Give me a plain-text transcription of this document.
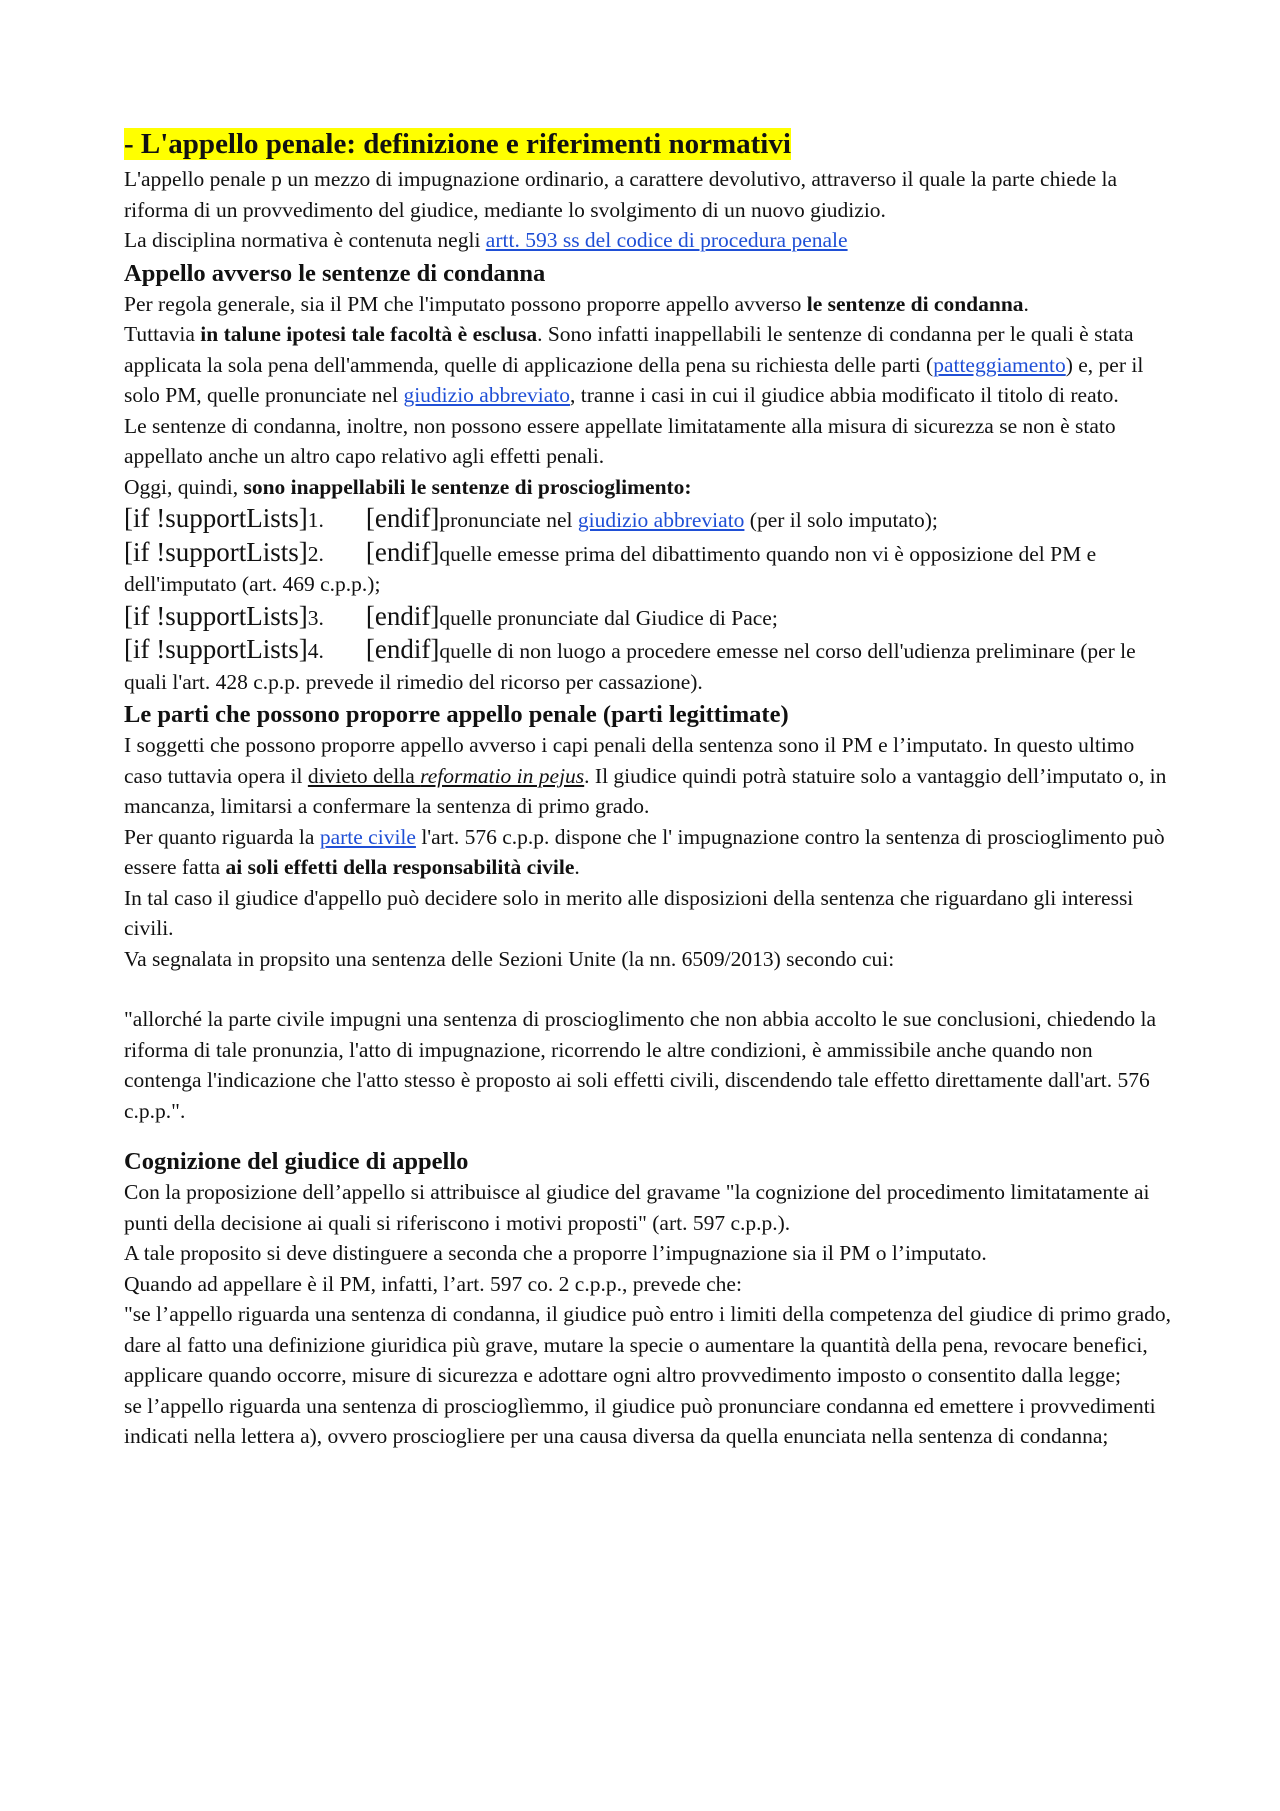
- L'appello penale: definizione e riferimenti normativi

L'appello penale p un mezzo di impugnazione ordinario, a carattere devolutivo, attraverso il quale la parte chiede la riforma di un provvedimento del giudice, mediante lo svolgimento di un nuovo giudizio.

La disciplina normativa è contenuta negli artt. 593 ss del codice di procedura penale

Appello avverso le sentenze di condanna

Per regola generale, sia il PM che l'imputato possono proporre appello avverso le sentenze di condanna.

Tuttavia in talune ipotesi tale facoltà è esclusa. Sono infatti inappellabili le sentenze di condanna per le quali è stata applicata la sola pena dell'ammenda, quelle di applicazione della pena su richiesta delle parti (patteggiamento) e, per il solo PM, quelle pronunciate nel giudizio abbreviato, tranne i casi in cui il giudice abbia modificato il titolo di reato.

Le sentenze di condanna, inoltre, non possono essere appellate limitatamente alla misura di sicurezza se non è stato appellato anche un altro capo relativo agli effetti penali.

Oggi, quindi, sono inappellabili le sentenze di proscioglimento:

[if !supportLists]1. [endif]pronunciate nel giudizio abbreviato (per il solo imputato);

[if !supportLists]2. [endif]quelle emesse prima del dibattimento quando non vi è opposizione del PM e dell'imputato (art. 469 c.p.p.);

[if !supportLists]3. [endif]quelle pronunciate dal Giudice di Pace;

[if !supportLists]4. [endif]quelle di non luogo a procedere emesse nel corso dell'udienza preliminare (per le quali l'art. 428 c.p.p. prevede il rimedio del ricorso per cassazione).

Le parti che possono proporre appello penale (parti legittimate)

I soggetti che possono proporre appello avverso i capi penali della sentenza sono il PM e l’imputato. In questo ultimo caso tuttavia opera il divieto della reformatio in pejus. Il giudice quindi potrà statuire solo a vantaggio dell’imputato o, in mancanza, limitarsi a confermare la sentenza di primo grado.

Per quanto riguarda la parte civile l'art. 576 c.p.p. dispone che l' impugnazione contro la sentenza di proscioglimento può essere fatta ai soli effetti della responsabilità civile.

In tal caso il giudice d'appello può decidere solo in merito alle disposizioni della sentenza che riguardano gli interessi civili.

Va segnalata in propsito una sentenza delle Sezioni Unite (la nn. 6509/2013) secondo cui:

"allorché la parte civile impugni una sentenza di proscioglimento che non abbia accolto le sue conclusioni, chiedendo la riforma di tale pronunzia, l'atto di impugnazione, ricorrendo le altre condizioni, è ammissibile anche quando non contenga l'indicazione che l'atto stesso è proposto ai soli effetti civili, discendendo tale effetto direttamente dall'art. 576 c.p.p.".

Cognizione del giudice di appello

Con la proposizione dell’appello si attribuisce al giudice del gravame "la cognizione del procedimento limitatamente ai punti della decisione ai quali si riferiscono i motivi proposti" (art. 597 c.p.p.).

A tale proposito si deve distinguere a seconda che a proporre l’impugnazione sia il PM o l’imputato.

Quando ad appellare è il PM, infatti, l’art. 597 co. 2 c.p.p., prevede che:

"se l’appello riguarda una sentenza di condanna, il giudice può entro i limiti della competenza del giudice di primo grado, dare al fatto una definizione giuridica più grave, mutare la specie o aumentare la quantità della pena, revocare benefici, applicare quando occorre, misure di sicurezza e adottare ogni altro provvedimento imposto o consentito dalla legge;

se l’appello riguarda una sentenza di proscioglìemmo, il giudice può pronunciare condanna ed emettere i provvedimenti indicati nella lettera a), ovvero prosciogliere per una causa diversa da quella enunciata nella sentenza di condanna;
